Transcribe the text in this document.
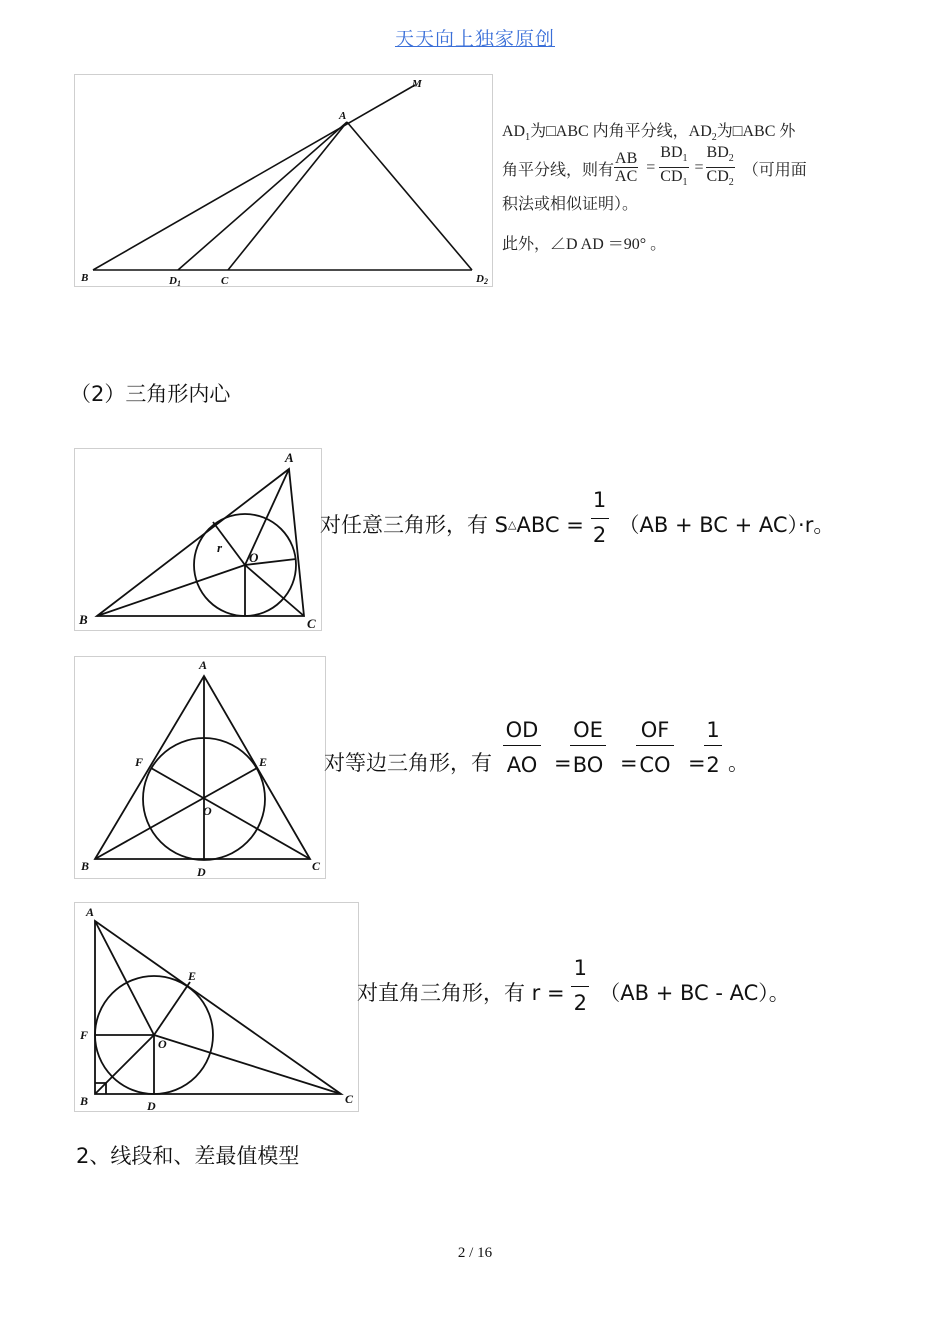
天天向上独家原创
M
A
B	D1	C	D2
$AD_1$为□ABC 内角平分线，$AD_2$为□ABC 外
角平分线，则有 $\frac{AB}{AC} = \frac{BD_1}{CD_1} = \frac{BD_2}{CD_2}$ （可用面
积法或相似证明）。
此外，∠D AD ＝90° 。
（2）三角形内心
A
B	C
O
r
对任意三角形，有 S△ABC = $\frac{1}{2} (AB$ + BC + AC）·r。
A
B	C
D
E
F
O
对等边三角形，有
OD
AO =
OE
BO =
OF
CO =
1
2 。
A
B	C
D
E
F
O
对直角三角形，有 $r = \frac{1}{2} (AB$ + BC - AC）。
2、线段和、差最值模型
2 / 16
